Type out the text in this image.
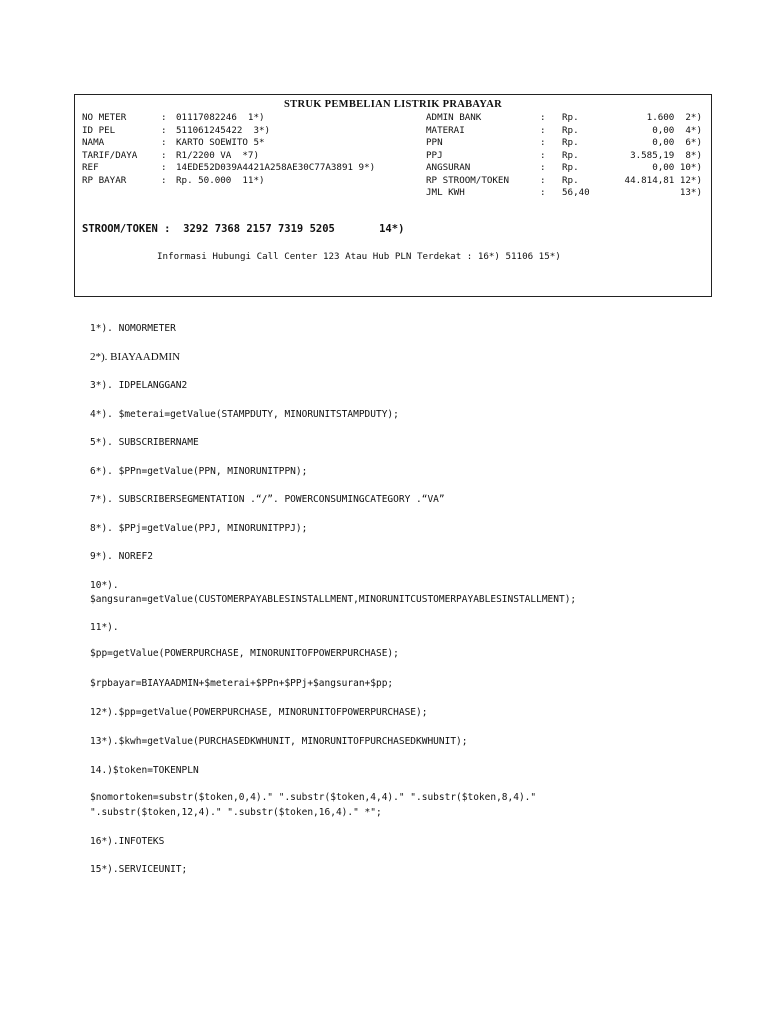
STRUK PEMBELIAN LISTRIK PRABAYAR
NO METER	: 01117082246  1*)
ID PEL	: 511061245422  3*)
NAMA	: KARTO SOEWITO 5*
TARIF/DAYA	: R1/2200 VA  *7)
REF	: 14EDE52D039A4421A258AE30C77A3891 9*)
RP BAYAR	: Rp. 50.000  11*)
ADMIN BANK	: Rp.	1.600  2*)
MATERAI	: Rp.	0,00  4*)
PPN	: Rp.	0,00  6*)
PPJ	: Rp.	3.585,19  8*)
ANGSURAN	: Rp.	0,00 10*)
RP STROOM/TOKEN	: Rp.	44.814,81 12*)
JML KWH	: 56,40	13*)
STROOM/TOKEN :  3292 7368 2157 7319 5205       14*)
Informasi Hubungi Call Center 123 Atau Hub PLN Terdekat : 16*) 51106 15*)
1*). NOMORMETER
2*). BIAYAADMIN
3*). IDPELANGGAN2
4*). $meterai=getValue(STAMPDUTY, MINORUNITSTAMPDUTY);
5*). SUBSCRIBERNAME
6*). $PPn=getValue(PPN, MINORUNITPPN);
7*). SUBSCRIBERSEGMENTATION .“/”. POWERCONSUMINGCATEGORY .“VA”
8*). $PPj=getValue(PPJ, MINORUNITPPJ);
9*). NOREF2
10*).
$angsuran=getValue(CUSTOMERPAYABLESINSTALLMENT,MINORUNITCUSTOMERPAYABLESINSTALLMENT);
11*).
$pp=getValue(POWERPURCHASE, MINORUNITOFPOWERPURCHASE);
$rpbayar=BIAYAADMIN+$meterai+$PPn+$PPj+$angsuran+$pp;
12*).$pp=getValue(POWERPURCHASE, MINORUNITOFPOWERPURCHASE);
13*).$kwh=getValue(PURCHASEDKWHUNIT, MINORUNITOFPURCHASEDKWHUNIT);
14.)$token=TOKENPLN
$nomortoken=substr($token,0,4)." ".substr($token,4,4)." ".substr($token,8,4)."
".substr($token,12,4)." ".substr($token,16,4)." *";
16*).INFOTEKS
15*).SERVICEUNIT;
